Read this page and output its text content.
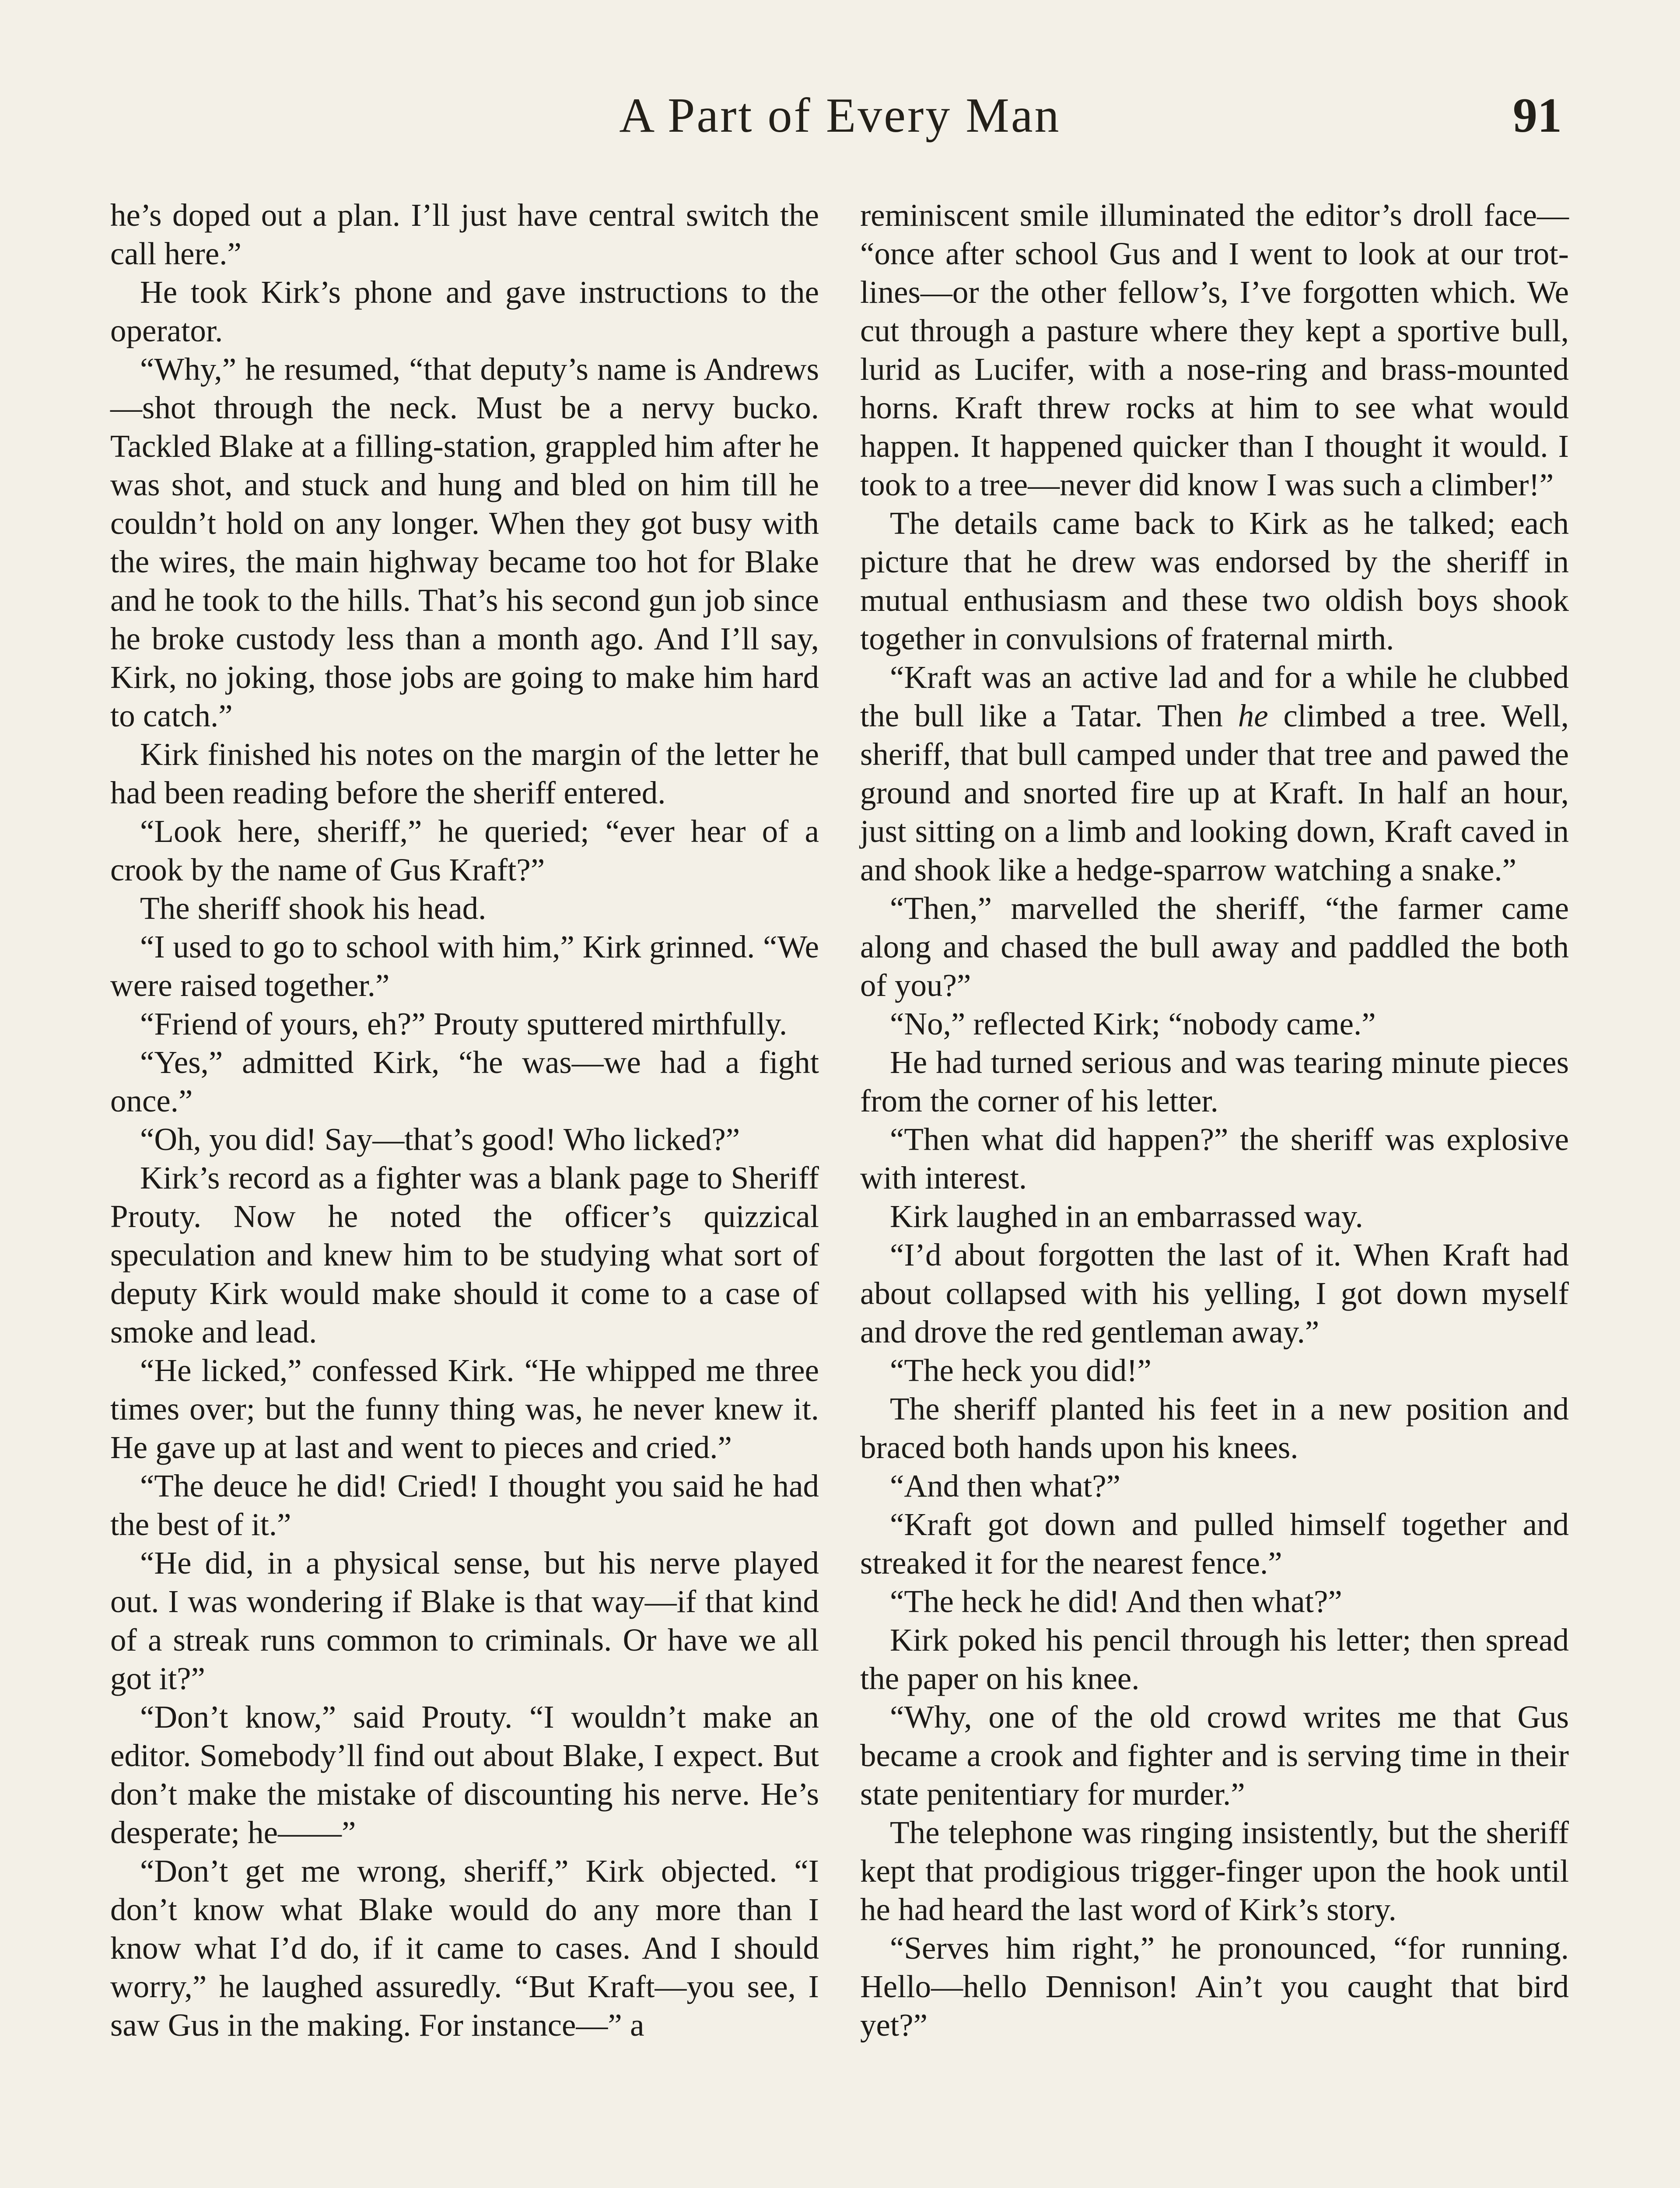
A Part of Every Man	91

he’s doped out a plan. I’ll just have central switch the call here.”

He took Kirk’s phone and gave instructions to the operator.

“Why,” he resumed, “that deputy’s name is Andrews—shot through the neck. Must be a nervy bucko. Tackled Blake at a filling-station, grappled him after he was shot, and stuck and hung and bled on him till he couldn’t hold on any longer. When they got busy with the wires, the main highway became too hot for Blake and he took to the hills. That’s his second gun job since he broke custody less than a month ago. And I’ll say, Kirk, no joking, those jobs are going to make him hard to catch.”

Kirk finished his notes on the margin of the letter he had been reading before the sheriff entered.

“Look here, sheriff,” he queried; “ever hear of a crook by the name of Gus Kraft?”

The sheriff shook his head.

“I used to go to school with him,” Kirk grinned. “We were raised together.”

“Friend of yours, eh?” Prouty sputtered mirthfully.

“Yes,” admitted Kirk, “he was—we had a fight once.”

“Oh, you did! Say—that’s good! Who licked?”

Kirk’s record as a fighter was a blank page to Sheriff Prouty. Now he noted the officer’s quizzical speculation and knew him to be studying what sort of deputy Kirk would make should it come to a case of smoke and lead.

“He licked,” confessed Kirk. “He whipped me three times over; but the funny thing was, he never knew it. He gave up at last and went to pieces and cried.”

“The deuce he did! Cried! I thought you said he had the best of it.”

“He did, in a physical sense, but his nerve played out. I was wondering if Blake is that way—if that kind of a streak runs common to criminals. Or have we all got it?”

“Don’t know,” said Prouty. “I wouldn’t make an editor. Somebody’ll find out about Blake, I expect. But don’t make the mistake of discounting his nerve. He’s desperate; he——”

“Don’t get me wrong, sheriff,” Kirk objected. “I don’t know what Blake would do any more than I know what I’d do, if it came to cases. And I should worry,” he laughed assuredly. “But Kraft—you see, I saw Gus in the making. For instance—” a

reminiscent smile illuminated the editor’s droll face— “once after school Gus and I went to look at our trot-lines—or the other fellow’s, I’ve forgotten which. We cut through a pasture where they kept a sportive bull, lurid as Lucifer, with a nose-ring and brass-mounted horns. Kraft threw rocks at him to see what would happen. It happened quicker than I thought it would. I took to a tree—never did know I was such a climber!”

The details came back to Kirk as he talked; each picture that he drew was endorsed by the sheriff in mutual enthusiasm and these two oldish boys shook together in convulsions of fraternal mirth.

“Kraft was an active lad and for a while he clubbed the bull like a Tatar. Then he climbed a tree. Well, sheriff, that bull camped under that tree and pawed the ground and snorted fire up at Kraft. In half an hour, just sitting on a limb and looking down, Kraft caved in and shook like a hedge-sparrow watching a snake.”

“Then,” marvelled the sheriff, “the farmer came along and chased the bull away and paddled the both of you?”

“No,” reflected Kirk; “nobody came.”

He had turned serious and was tearing minute pieces from the corner of his letter.

“Then what did happen?” the sheriff was explosive with interest.

Kirk laughed in an embarrassed way.

“I’d about forgotten the last of it. When Kraft had about collapsed with his yelling, I got down myself and drove the red gentleman away.”

“The heck you did!”

The sheriff planted his feet in a new position and braced both hands upon his knees.

“And then what?”

“Kraft got down and pulled himself together and streaked it for the nearest fence.”

“The heck he did! And then what?”

Kirk poked his pencil through his letter; then spread the paper on his knee.

“Why, one of the old crowd writes me that Gus became a crook and fighter and is serving time in their state penitentiary for murder.”

The telephone was ringing insistently, but the sheriff kept that prodigious trigger-finger upon the hook until he had heard the last word of Kirk’s story.

“Serves him right,” he pronounced, “for running. Hello—hello Dennison! Ain’t you caught that bird yet?”
